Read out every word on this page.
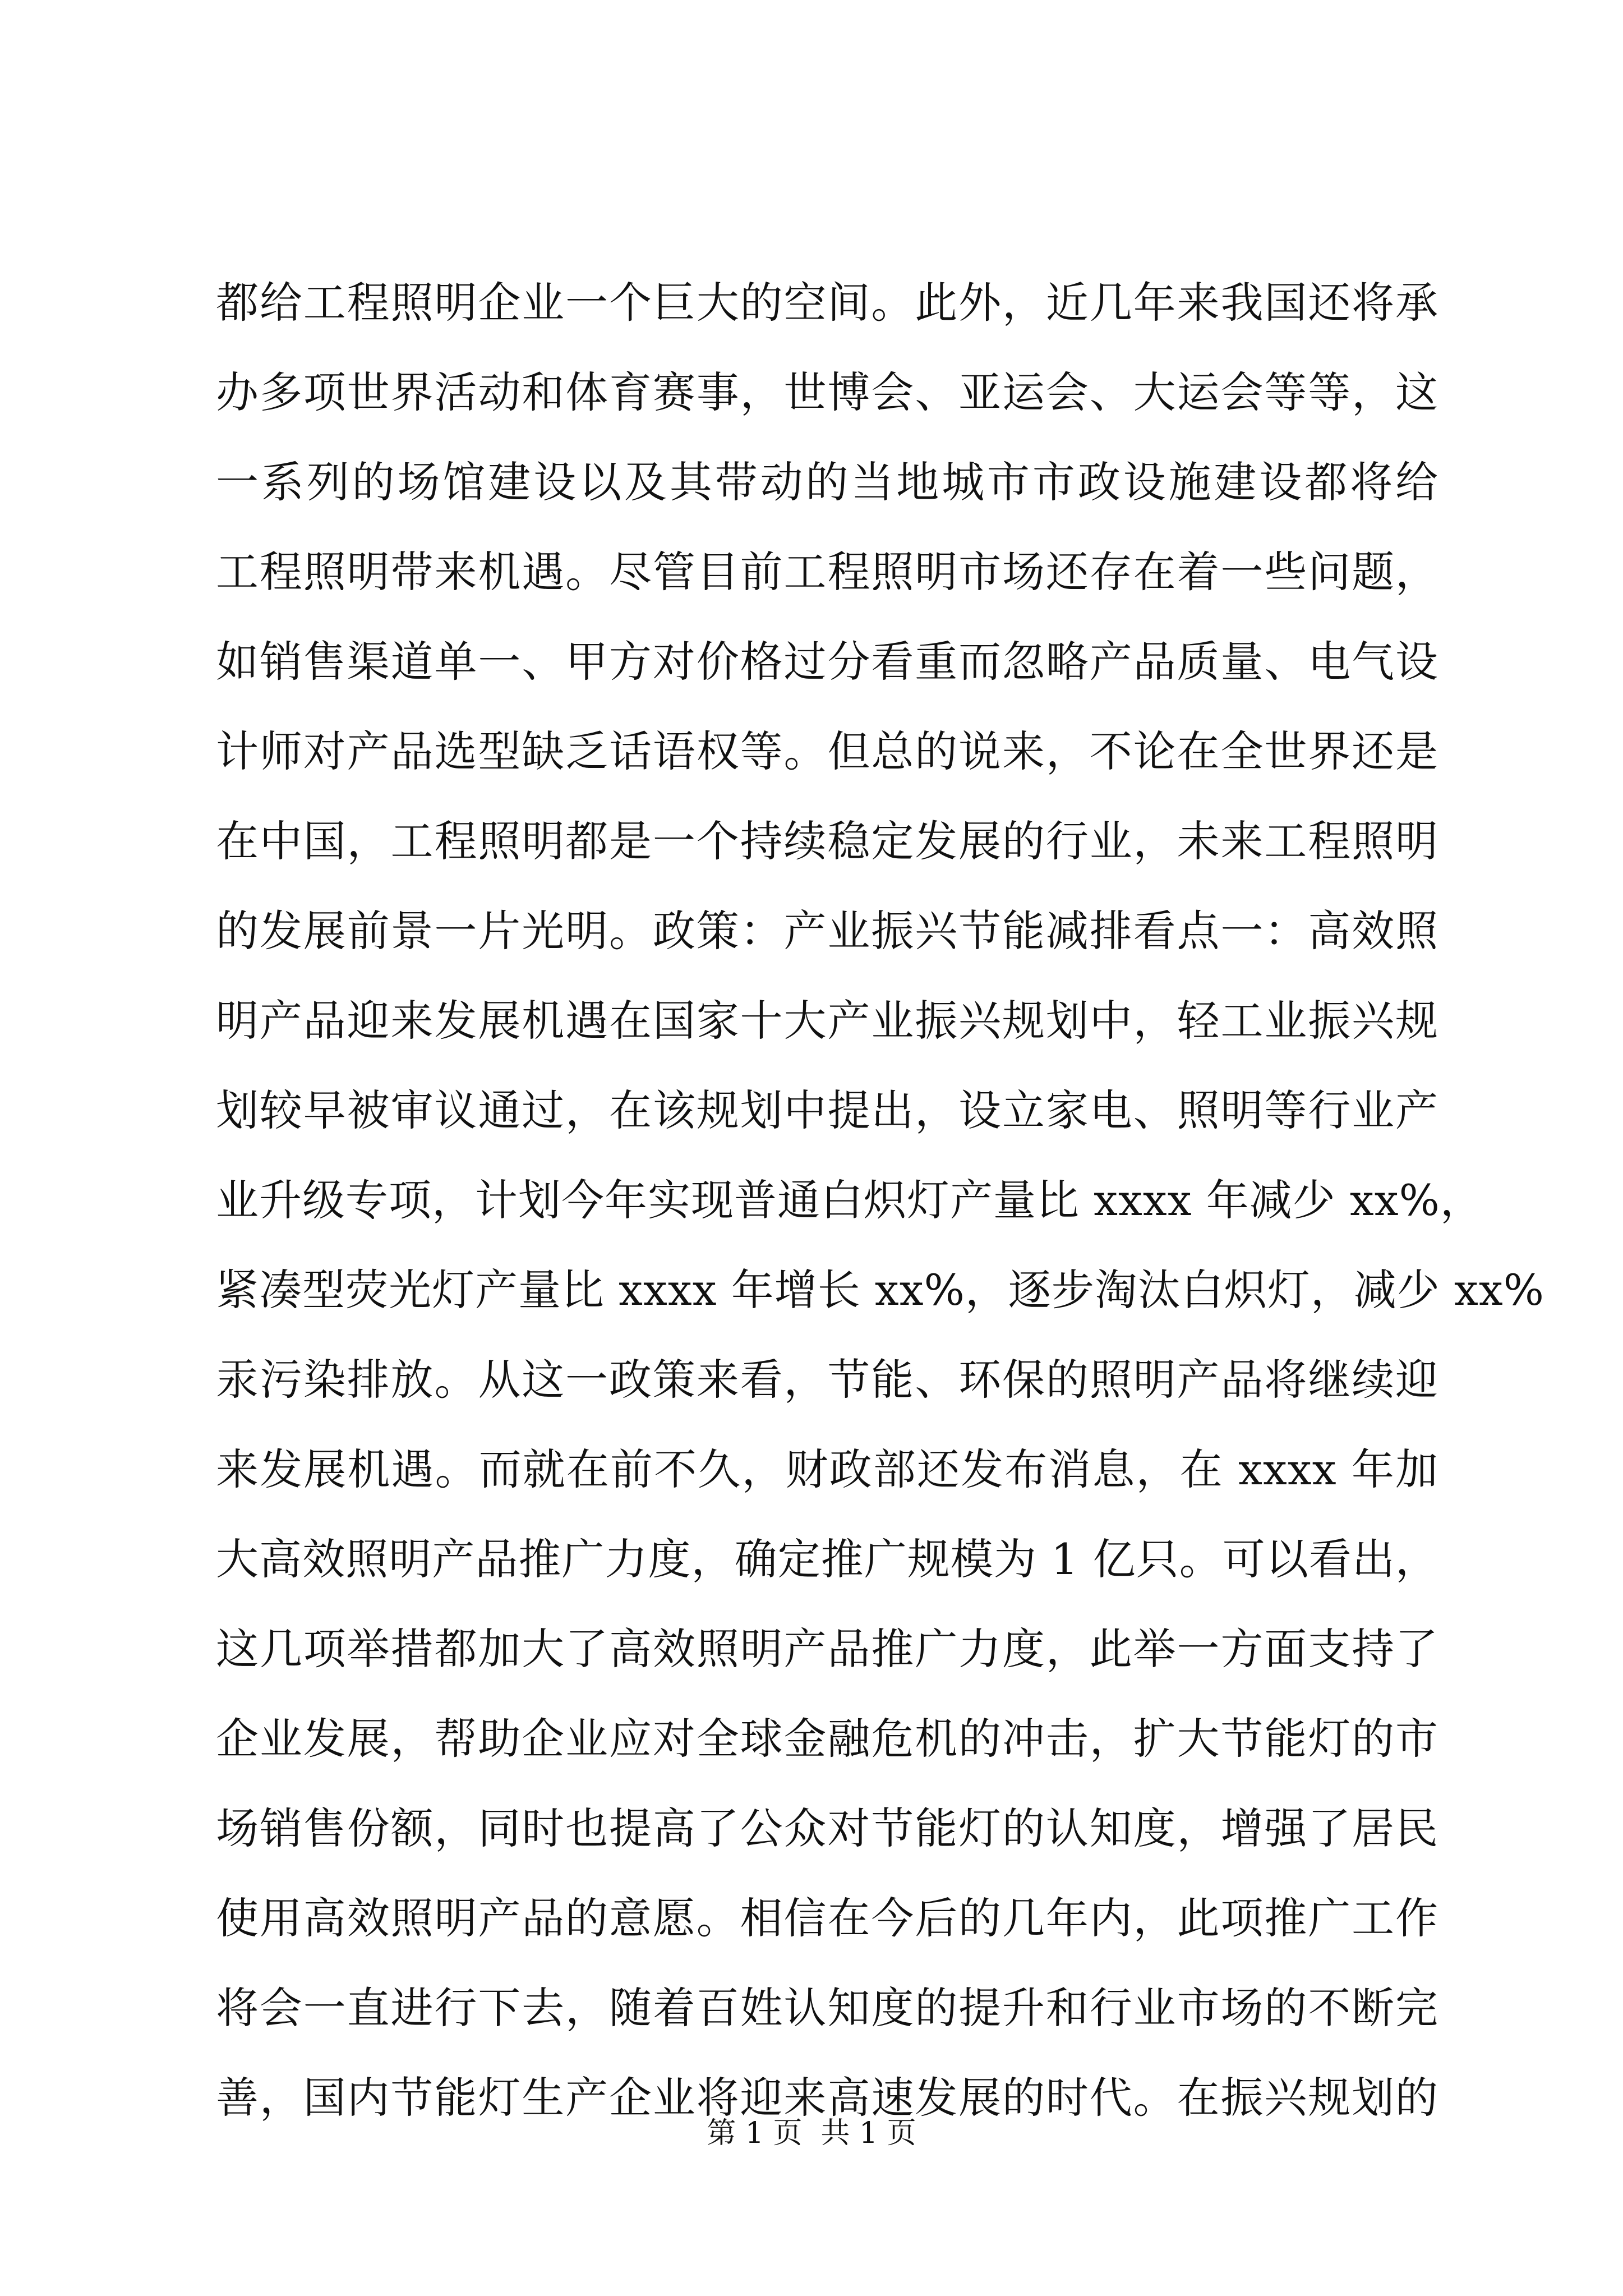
都给工程照明企业一个巨大的空间。此外，近几年来我国还将承
办多项世界活动和体育赛事，世博会、亚运会、大运会等等，这
一系列的场馆建设以及其带动的当地城市市政设施建设都将给
工程照明带来机遇。尽管目前工程照明市场还存在着一些问题，
如销售渠道单一、甲方对价格过分看重而忽略产品质量、电气设
计师对产品选型缺乏话语权等。但总的说来，不论在全世界还是
在中国，工程照明都是一个持续稳定发展的行业，未来工程照明
的发展前景一片光明。政策：产业振兴节能减排看点一：高效照
明产品迎来发展机遇在国家十大产业振兴规划中，轻工业振兴规
划较早被审议通过，在该规划中提出，设立家电、照明等行业产
业升级专项，计划今年实现普通白炽灯产量比 xxxx 年减少 xx%，
紧凑型荧光灯产量比 xxxx 年增长 xx%，逐步淘汰白炽灯，减少 xx%
汞污染排放。从这一政策来看，节能、环保的照明产品将继续迎
来发展机遇。而就在前不久，财政部还发布消息，在 xxxx 年加
大高效照明产品推广力度，确定推广规模为 1 亿只。可以看出，
这几项举措都加大了高效照明产品推广力度，此举一方面支持了
企业发展，帮助企业应对全球金融危机的冲击，扩大节能灯的市
场销售份额，同时也提高了公众对节能灯的认知度，增强了居民
使用高效照明产品的意愿。相信在今后的几年内，此项推广工作
将会一直进行下去，随着百姓认知度的提升和行业市场的不断完
善，国内节能灯生产企业将迎来高速发展的时代。在振兴规划的
第 1 页  共 1 页
